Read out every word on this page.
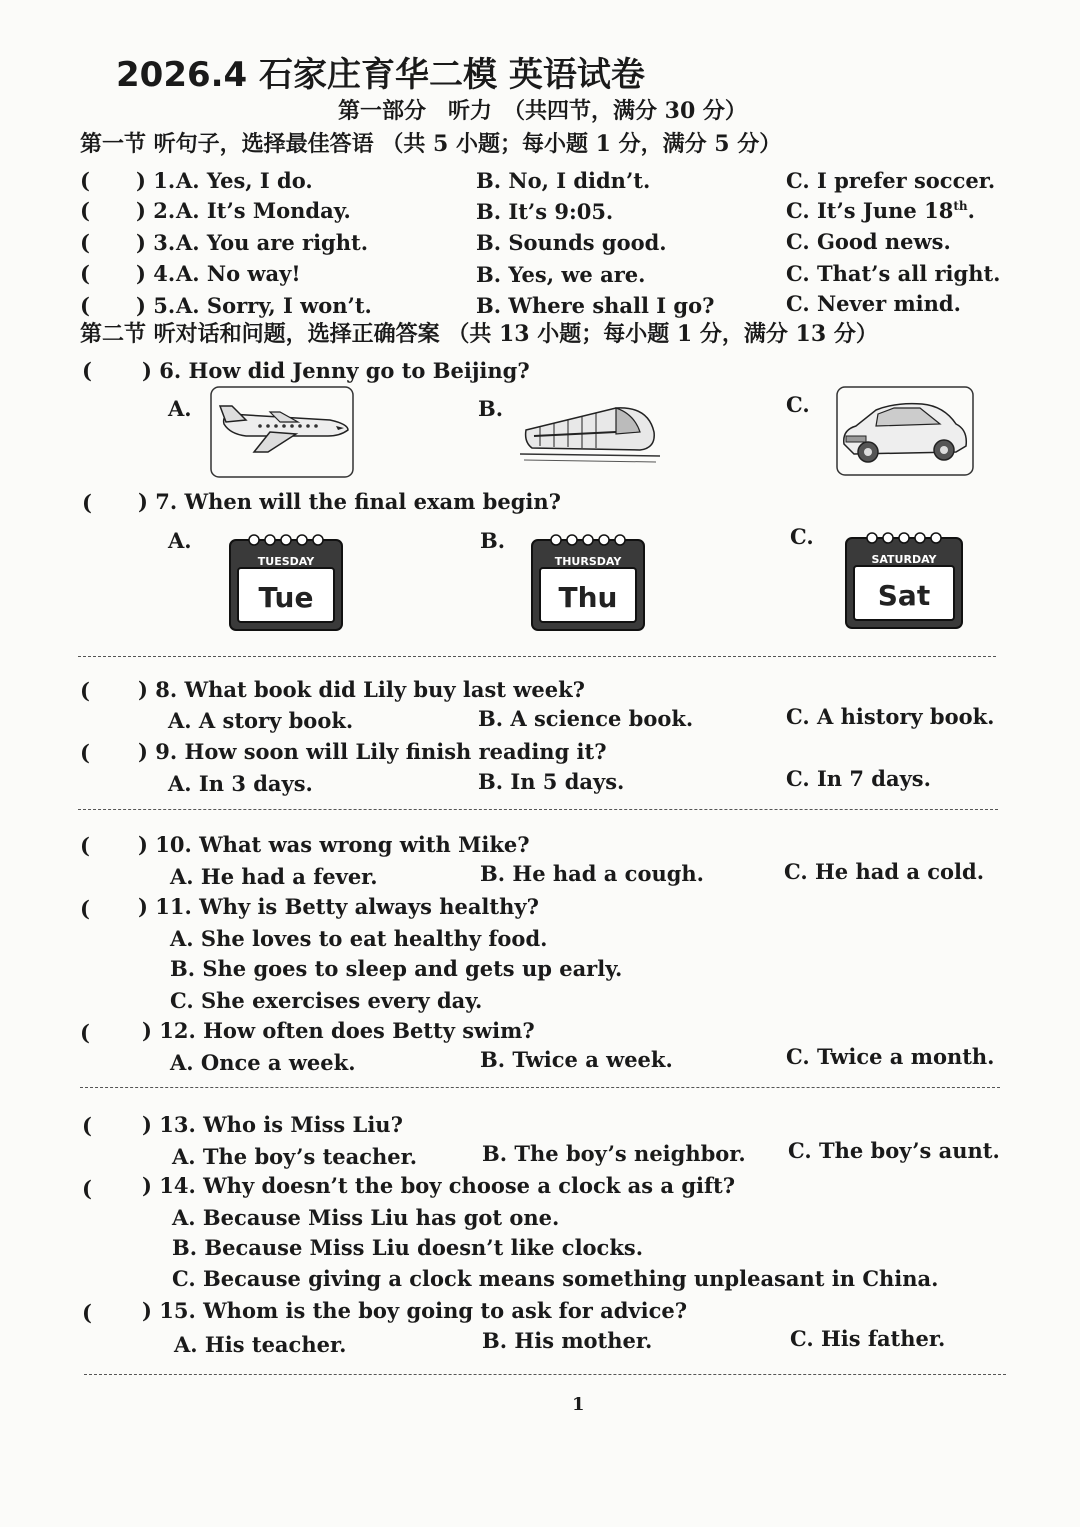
2026.4 石家庄育华二模 英语试卷
第一部分　听力　（共四节，满分 30 分）
第一节 听句子，选择最佳答语 （共 5 小题；每小题 1 分，满分 5 分）
( ) 1. A. Yes, I do.	B. No, I didn’t.	C. I prefer soccer.
( ) 2. A. It’s Monday.	B. It’s 9:05.	C. It’s June 18th.
( ) 3. A. You are right.	B. Sounds good.	C. Good news.
( ) 4. A. No way!	B. Yes, we are.	C. That’s all right.
( ) 5. A. Sorry, I won’t.	B. Where shall I go?	C. Never mind.
第二节 听对话和问题，选择正确答案 （共 13 小题；每小题 1 分，满分 13 分）
( ) 6. How did Jenny go to Beijing?
A.	B.	C.
( ) 7. When will the final exam begin?
A.	B.	C.
TUESDAY
Tue
THURSDAY
Thu
SATURDAY
Sat
( ) 8. What book did Lily buy last week?
A. A story book.	B. A science book.	C. A history book.
( ) 9. How soon will Lily finish reading it?
A. In 3 days.	B. In 5 days.	C. In 7 days.
( ) 10. What was wrong with Mike?
A. He had a fever.	B. He had a cough.	C. He had a cold.
( ) 11. Why is Betty always healthy?
A. She loves to eat healthy food.
B. She goes to sleep and gets up early.
C. She exercises every day.
( ) 12. How often does Betty swim?
A. Once a week.	B. Twice a week.	C. Twice a month.
( ) 13. Who is Miss Liu?
A. The boy’s teacher.	B. The boy’s neighbor. C. The boy’s aunt.
( ) 14. Why doesn’t the boy choose a clock as a gift?
A. Because Miss Liu has got one.
B. Because Miss Liu doesn’t like clocks.
C. Because giving a clock means something unpleasant in China.
( ) 15. Whom is the boy going to ask for advice?
A. His teacher.	B. His mother.	C. His father.
1
